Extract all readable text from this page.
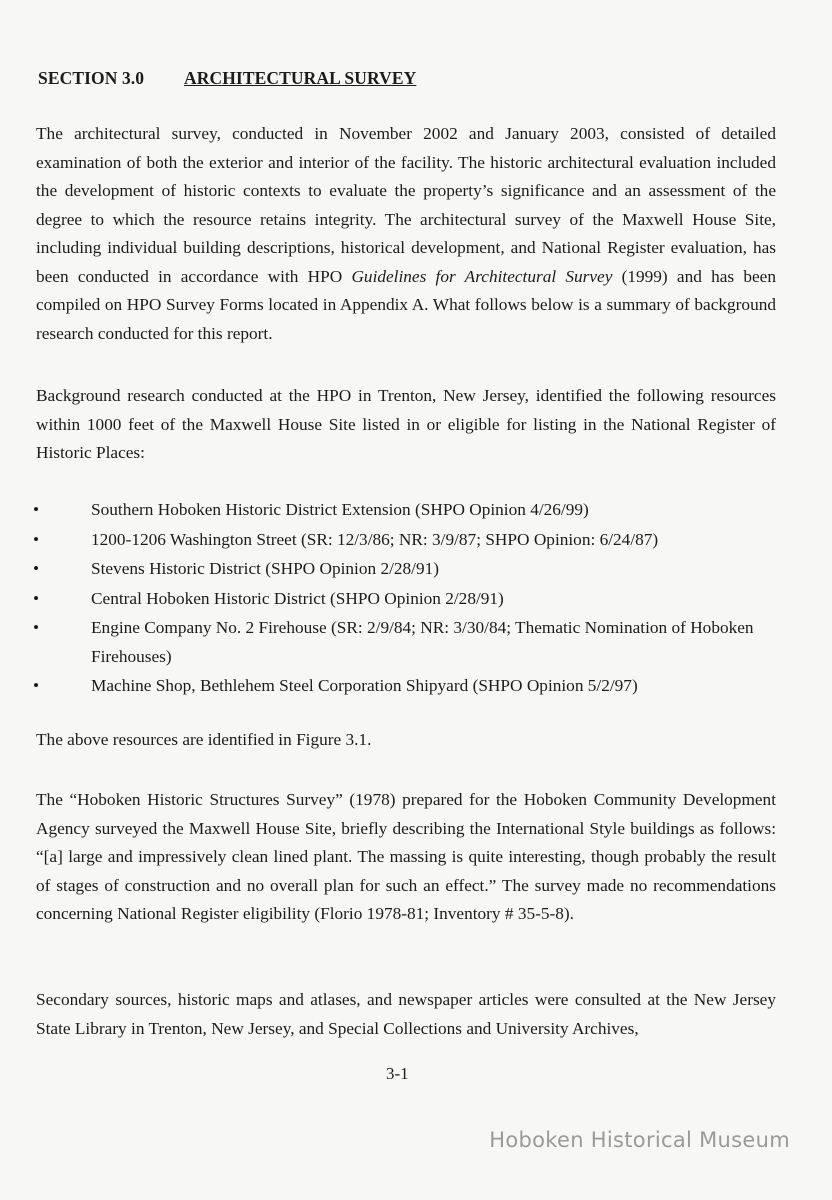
SECTION 3.0 ARCHITECTURAL SURVEY

The architectural survey, conducted in November 2002 and January 2003, consisted of detailed examination of both the exterior and interior of the facility. The historic architectural evaluation included the development of historic contexts to evaluate the property’s significance and an assessment of the degree to which the resource retains integrity. The architectural survey of the Maxwell House Site, including individual building descriptions, historical development, and National Register evaluation, has been conducted in accordance with HPO Guidelines for Architectural Survey (1999) and has been compiled on HPO Survey Forms located in Appendix A. What follows below is a summary of background research conducted for this report.

Background research conducted at the HPO in Trenton, New Jersey, identified the following resources within 1000 feet of the Maxwell House Site listed in or eligible for listing in the National Register of Historic Places:

•	Southern Hoboken Historic District Extension (SHPO Opinion 4/26/99)
•	1200-1206 Washington Street (SR: 12/3/86; NR: 3/9/87; SHPO Opinion: 6/24/87)
•	Stevens Historic District (SHPO Opinion 2/28/91)
•	Central Hoboken Historic District (SHPO Opinion 2/28/91)
•	Engine Company No. 2 Firehouse (SR: 2/9/84; NR: 3/30/84; Thematic Nomination of Hoboken Firehouses)
•	Machine Shop, Bethlehem Steel Corporation Shipyard (SHPO Opinion 5/2/97)

The above resources are identified in Figure 3.1.

The “Hoboken Historic Structures Survey” (1978) prepared for the Hoboken Community Development Agency surveyed the Maxwell House Site, briefly describing the International Style buildings as follows: “[a] large and impressively clean lined plant. The massing is quite interesting, though probably the result of stages of construction and no overall plan for such an effect.” The survey made no recommendations concerning National Register eligibility (Florio 1978-81; Inventory # 35-5-8).

Secondary sources, historic maps and atlases, and newspaper articles were consulted at the New Jersey State Library in Trenton, New Jersey, and Special Collections and University Archives,

3-1
Hoboken Historical Museum
